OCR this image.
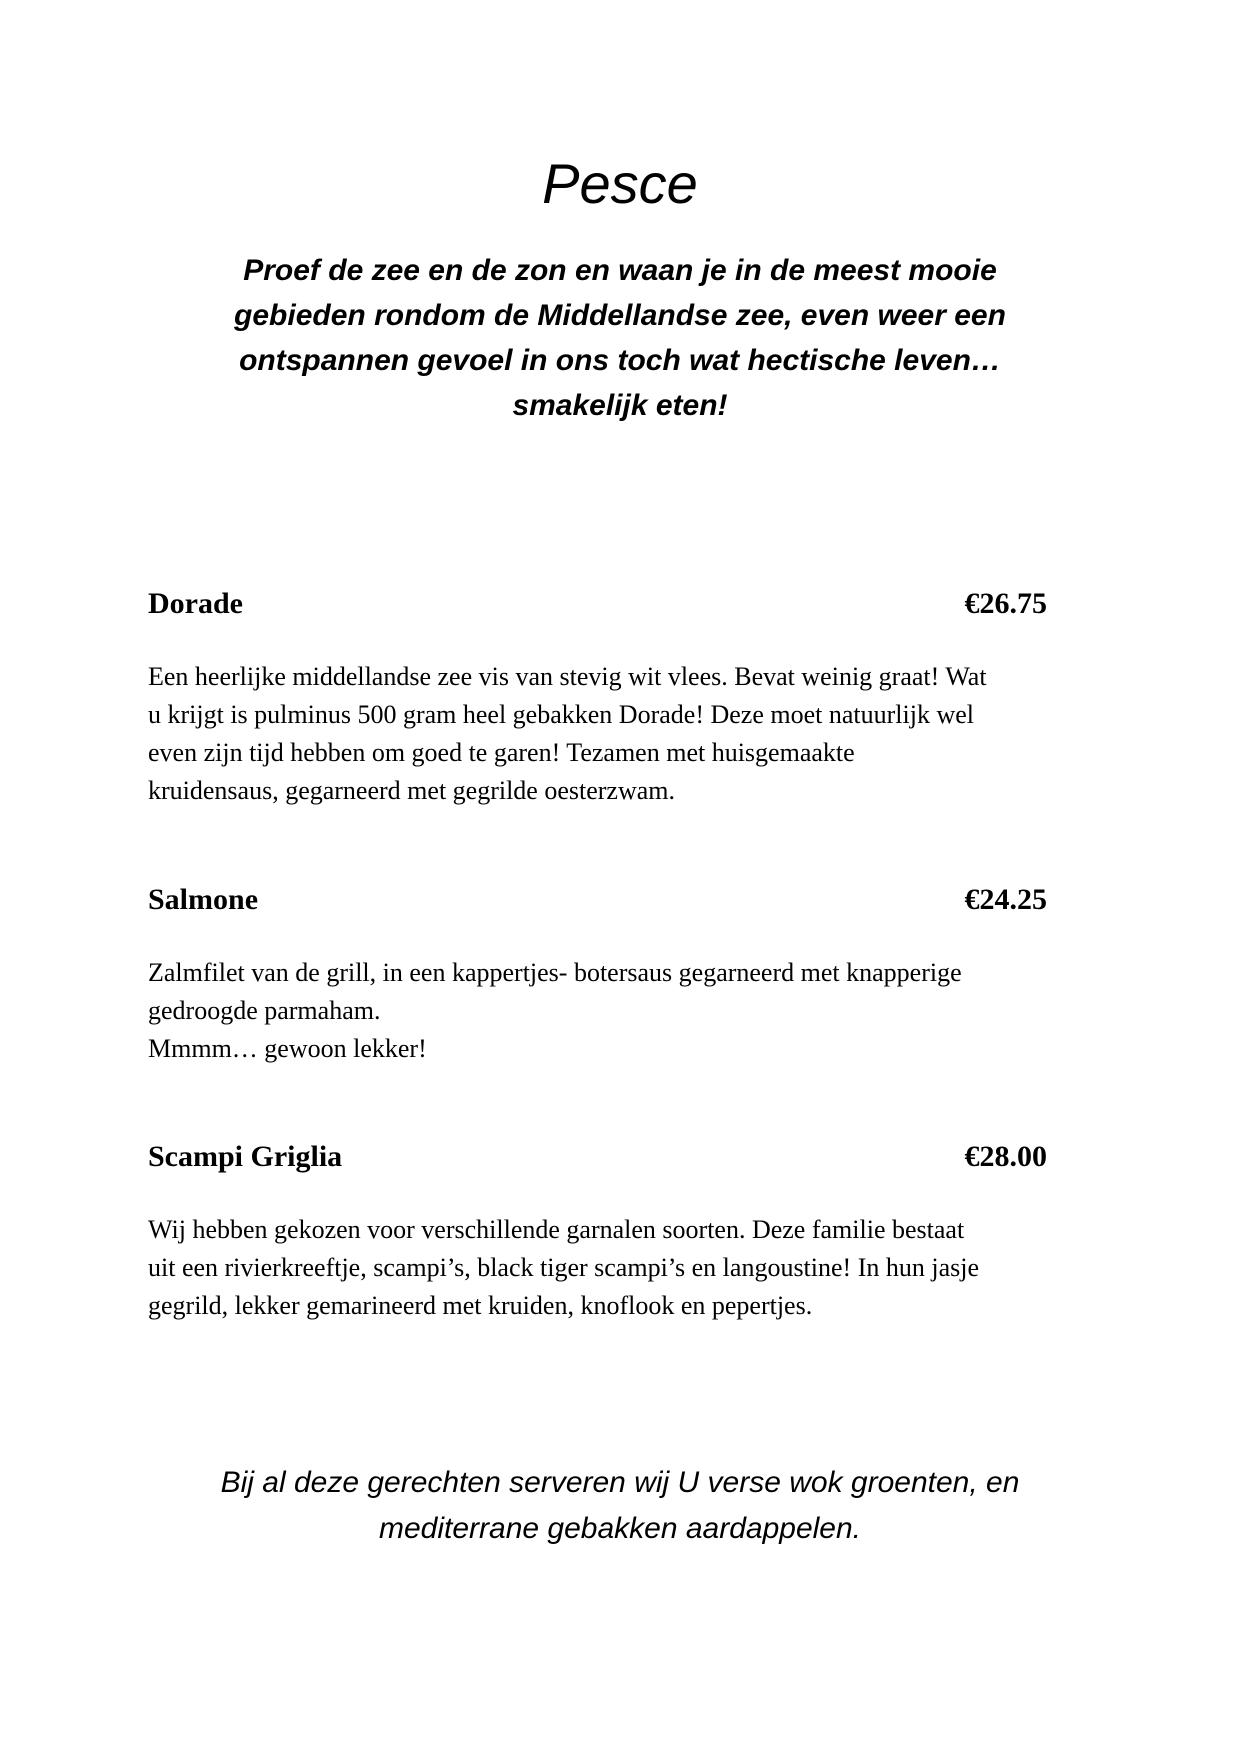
Pesce

Proef de zee en de zon en waan je in de meest mooie
gebieden rondom de Middellandse zee, even weer een
ontspannen gevoel in ons toch wat hectische leven…
smakelijk eten!

Dorade	€26.75
Een heerlijke middellandse zee vis van stevig wit vlees. Bevat weinig graat! Wat
u krijgt is pulminus 500 gram heel gebakken Dorade! Deze moet natuurlijk wel
even zijn tijd hebben om goed te garen! Tezamen met huisgemaakte
kruidensaus, gegarneerd met gegrilde oesterzwam.
Salmone	€24.25
Zalmfilet van de grill, in een kappertjes- botersaus gegarneerd met knapperige
gedroogde parmaham.
Mmmm… gewoon lekker!
Scampi Griglia	€28.00
Wij hebben gekozen voor verschillende garnalen soorten. Deze familie bestaat
uit een rivierkreeftje, scampi’s, black tiger scampi’s en langoustine! In hun jasje
gegrild, lekker gemarineerd met kruiden, knoflook en pepertjes.

Bij al deze gerechten serveren wij U verse wok groenten, en
mediterrane gebakken aardappelen.
